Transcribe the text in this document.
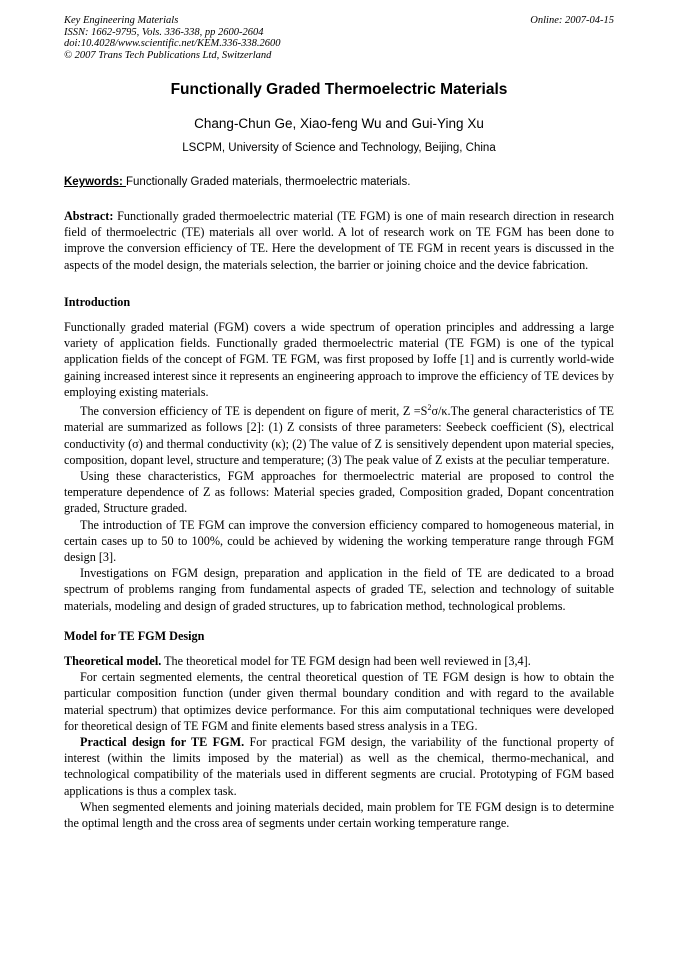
Key Engineering Materials
ISSN: 1662-9795, Vols. 336-338, pp 2600-2604
doi:10.4028/www.scientific.net/KEM.336-338.2600
© 2007 Trans Tech Publications Ltd, Switzerland
Online: 2007-04-15
Functionally Graded Thermoelectric Materials
Chang-Chun Ge, Xiao-feng Wu and Gui-Ying Xu
LSCPM, University of Science and Technology, Beijing, China
Keywords: Functionally Graded materials, thermoelectric materials.

Abstract: Functionally graded thermoelectric material (TE FGM) is one of main research direction in research field of thermoelectric (TE) materials all over world. A lot of research work on TE FGM has been done to improve the conversion efficiency of TE. Here the development of TE FGM in recent years is discussed in the aspects of the model design, the materials selection, the barrier or joining choice and the device fabrication.

Introduction

Functionally graded material (FGM) covers a wide spectrum of operation principles and addressing a large variety of application fields. Functionally graded thermoelectric material (TE FGM) is one of the typical application fields of the concept of FGM. TE FGM, was first proposed by Ioffe [1] and is currently world-wide gaining increased interest since it represents an engineering approach to improve the efficiency of TE devices by employing existing materials.

The conversion efficiency of TE is dependent on figure of merit, $Z =S^2\sigma/\kappa.The$ general characteristics of TE material are summarized as follows [2]: (1) Z consists of three parameters: Seebeck coefficient (S), electrical conductivity (σ) and thermal conductivity (κ); (2) The value of Z is sensitively dependent upon material species, composition, dopant level, structure and temperature; (3) The peak value of Z exists at the peculiar temperature.

Using these characteristics, FGM approaches for thermoelectric material are proposed to control the temperature dependence of Z as follows: Material species graded, Composition graded, Dopant concentration graded, Structure graded.

The introduction of TE FGM can improve the conversion efficiency compared to homogeneous material, in certain cases up to 50 to 100%, could be achieved by widening the working temperature range through FGM design [3].

Investigations on FGM design, preparation and application in the field of TE are dedicated to a broad spectrum of problems ranging from fundamental aspects of graded TE, selection and technology of suitable materials, modeling and design of graded structures, up to fabrication method, technological problems.

Model for TE FGM Design

Theoretical model. The theoretical model for TE FGM design had been well reviewed in [3,4].

For certain segmented elements, the central theoretical question of TE FGM design is how to obtain the particular composition function (under given thermal boundary condition and with regard to the available material spectrum) that optimizes device performance. For this aim computational techniques were developed for theoretical design of TE FGM and finite elements based stress analysis in a TEG.

Practical design for TE FGM. For practical FGM design, the variability of the functional property of interest (within the limits imposed by the material) as well as the chemical, thermo-mechanical, and technological compatibility of the materials used in different segments are crucial. Prototyping of FGM based applications is thus a complex task.

When segmented elements and joining materials decided, main problem for TE FGM design is to determine the optimal length and the cross area of segments under certain working temperature range.
